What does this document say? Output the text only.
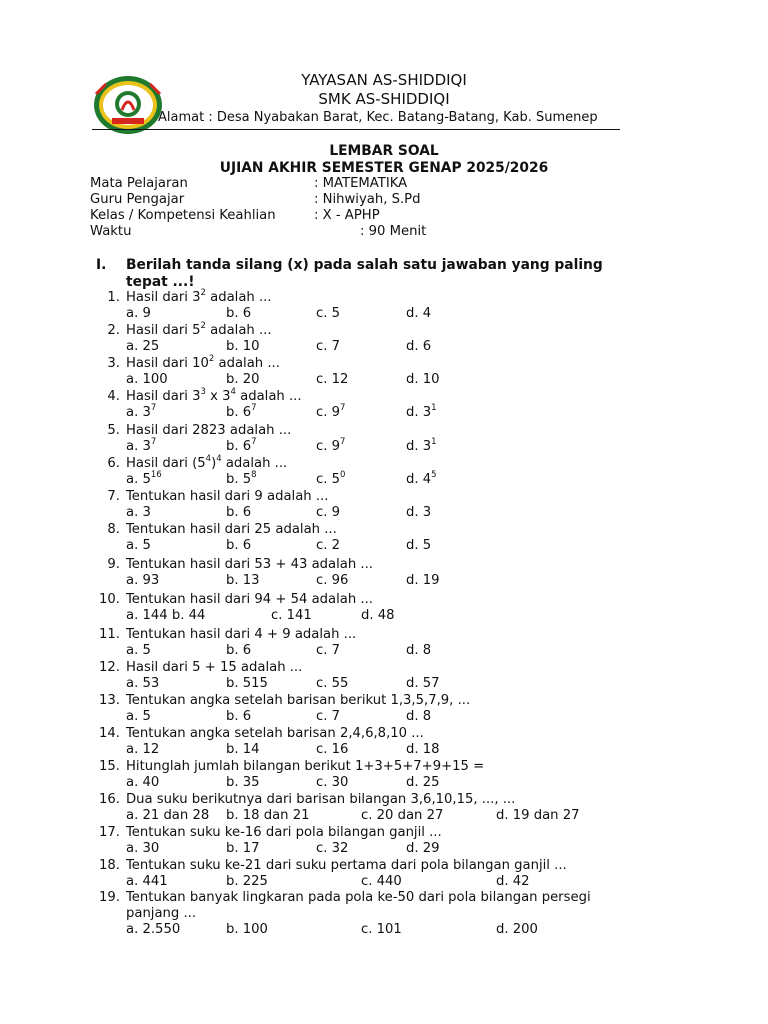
YAYASAN AS-SHIDDIQI
SMK AS-SHIDDIQI
Alamat : Desa Nyabakan Barat, Kec. Batang-Batang, Kab. Sumenep
LEMBAR SOAL
UJIAN AKHIR SEMESTER GENAP 2025/2026
Mata Pelajaran	: MATEMATIKA
Guru Pengajar	: Nihwiyah, S.Pd
Kelas / Kompetensi Keahlian	: X - APHP
Waktu	: 90 Menit
I. Berilah tanda silang (x) pada salah satu jawaban yang paling
tepat ...!
1. Hasil dari $3^2$ adalah ...
a. 9	b. 6	c. 5	d. 4
2. Hasil dari $5^2$ adalah ...
a. 25	b. 10	c. 7	d. 6
3. Hasil dari $10^2$ adalah ...
a. 100	b. 20	c. 12	d. 10
4. Hasil dari $3^3$ x $3^4$ adalah ...
a. $3^7$	b. $6^7$	c. $9^7$	d. $3^1$
5. Hasil dari 2823 adalah ...
a. $3^7$	b. $6^7$	c. $9^7$	d. $3^1$
6. Hasil dari $(5^4)^4$ adalah ...
a. $5^{16}$	b. $5^8$	c. $5^0$	d. $4^5$
7. Tentukan hasil dari 9 adalah ...
a. 3	b. 6	c. 9	d. 3
8. Tentukan hasil dari 25 adalah ...
a. 5	b. 6	c. 2	d. 5
9. Tentukan hasil dari 53 + 43 adalah ...
a. 93	b. 13	c. 96	d. 19
10. Tentukan hasil dari 94 + 54 adalah ...
a. 144 b. 44	c. 141	d. 48
11. Tentukan hasil dari 4 + 9 adalah ...
a. 5	b. 6	c. 7	d. 8
12. Hasil dari 5 + 15 adalah ...
a. 53	b. 515	c. 55	d. 57
13. Tentukan angka setelah barisan berikut 1,3,5,7,9, ...
a. 5	b. 6	c. 7	d. 8
14. Tentukan angka setelah barisan 2,4,6,8,10 ...
a. 12	b. 14	c. 16	d. 18
15. Hitunglah jumlah bilangan berikut 1+3+5+7+9+15 =
a. 40	b. 35	c. 30	d. 25
16. Dua suku berikutnya dari barisan bilangan 3,6,10,15, ..., ...
a. 21 dan 28 b. 18 dan 21	c. 20 dan 27	d. 19 dan 27
17. Tentukan suku ke-16 dari pola bilangan ganjil ...
a. 30	b. 17	c. 32	d. 29
18. Tentukan suku ke-21 dari suku pertama dari pola bilangan ganjil ...
a. 441	b. 225	c. 440	d. 42
19. Tentukan banyak lingkaran pada pola ke-50 dari pola bilangan persegi
panjang ...
a. 2.550	b. 100	c. 101	d. 200
